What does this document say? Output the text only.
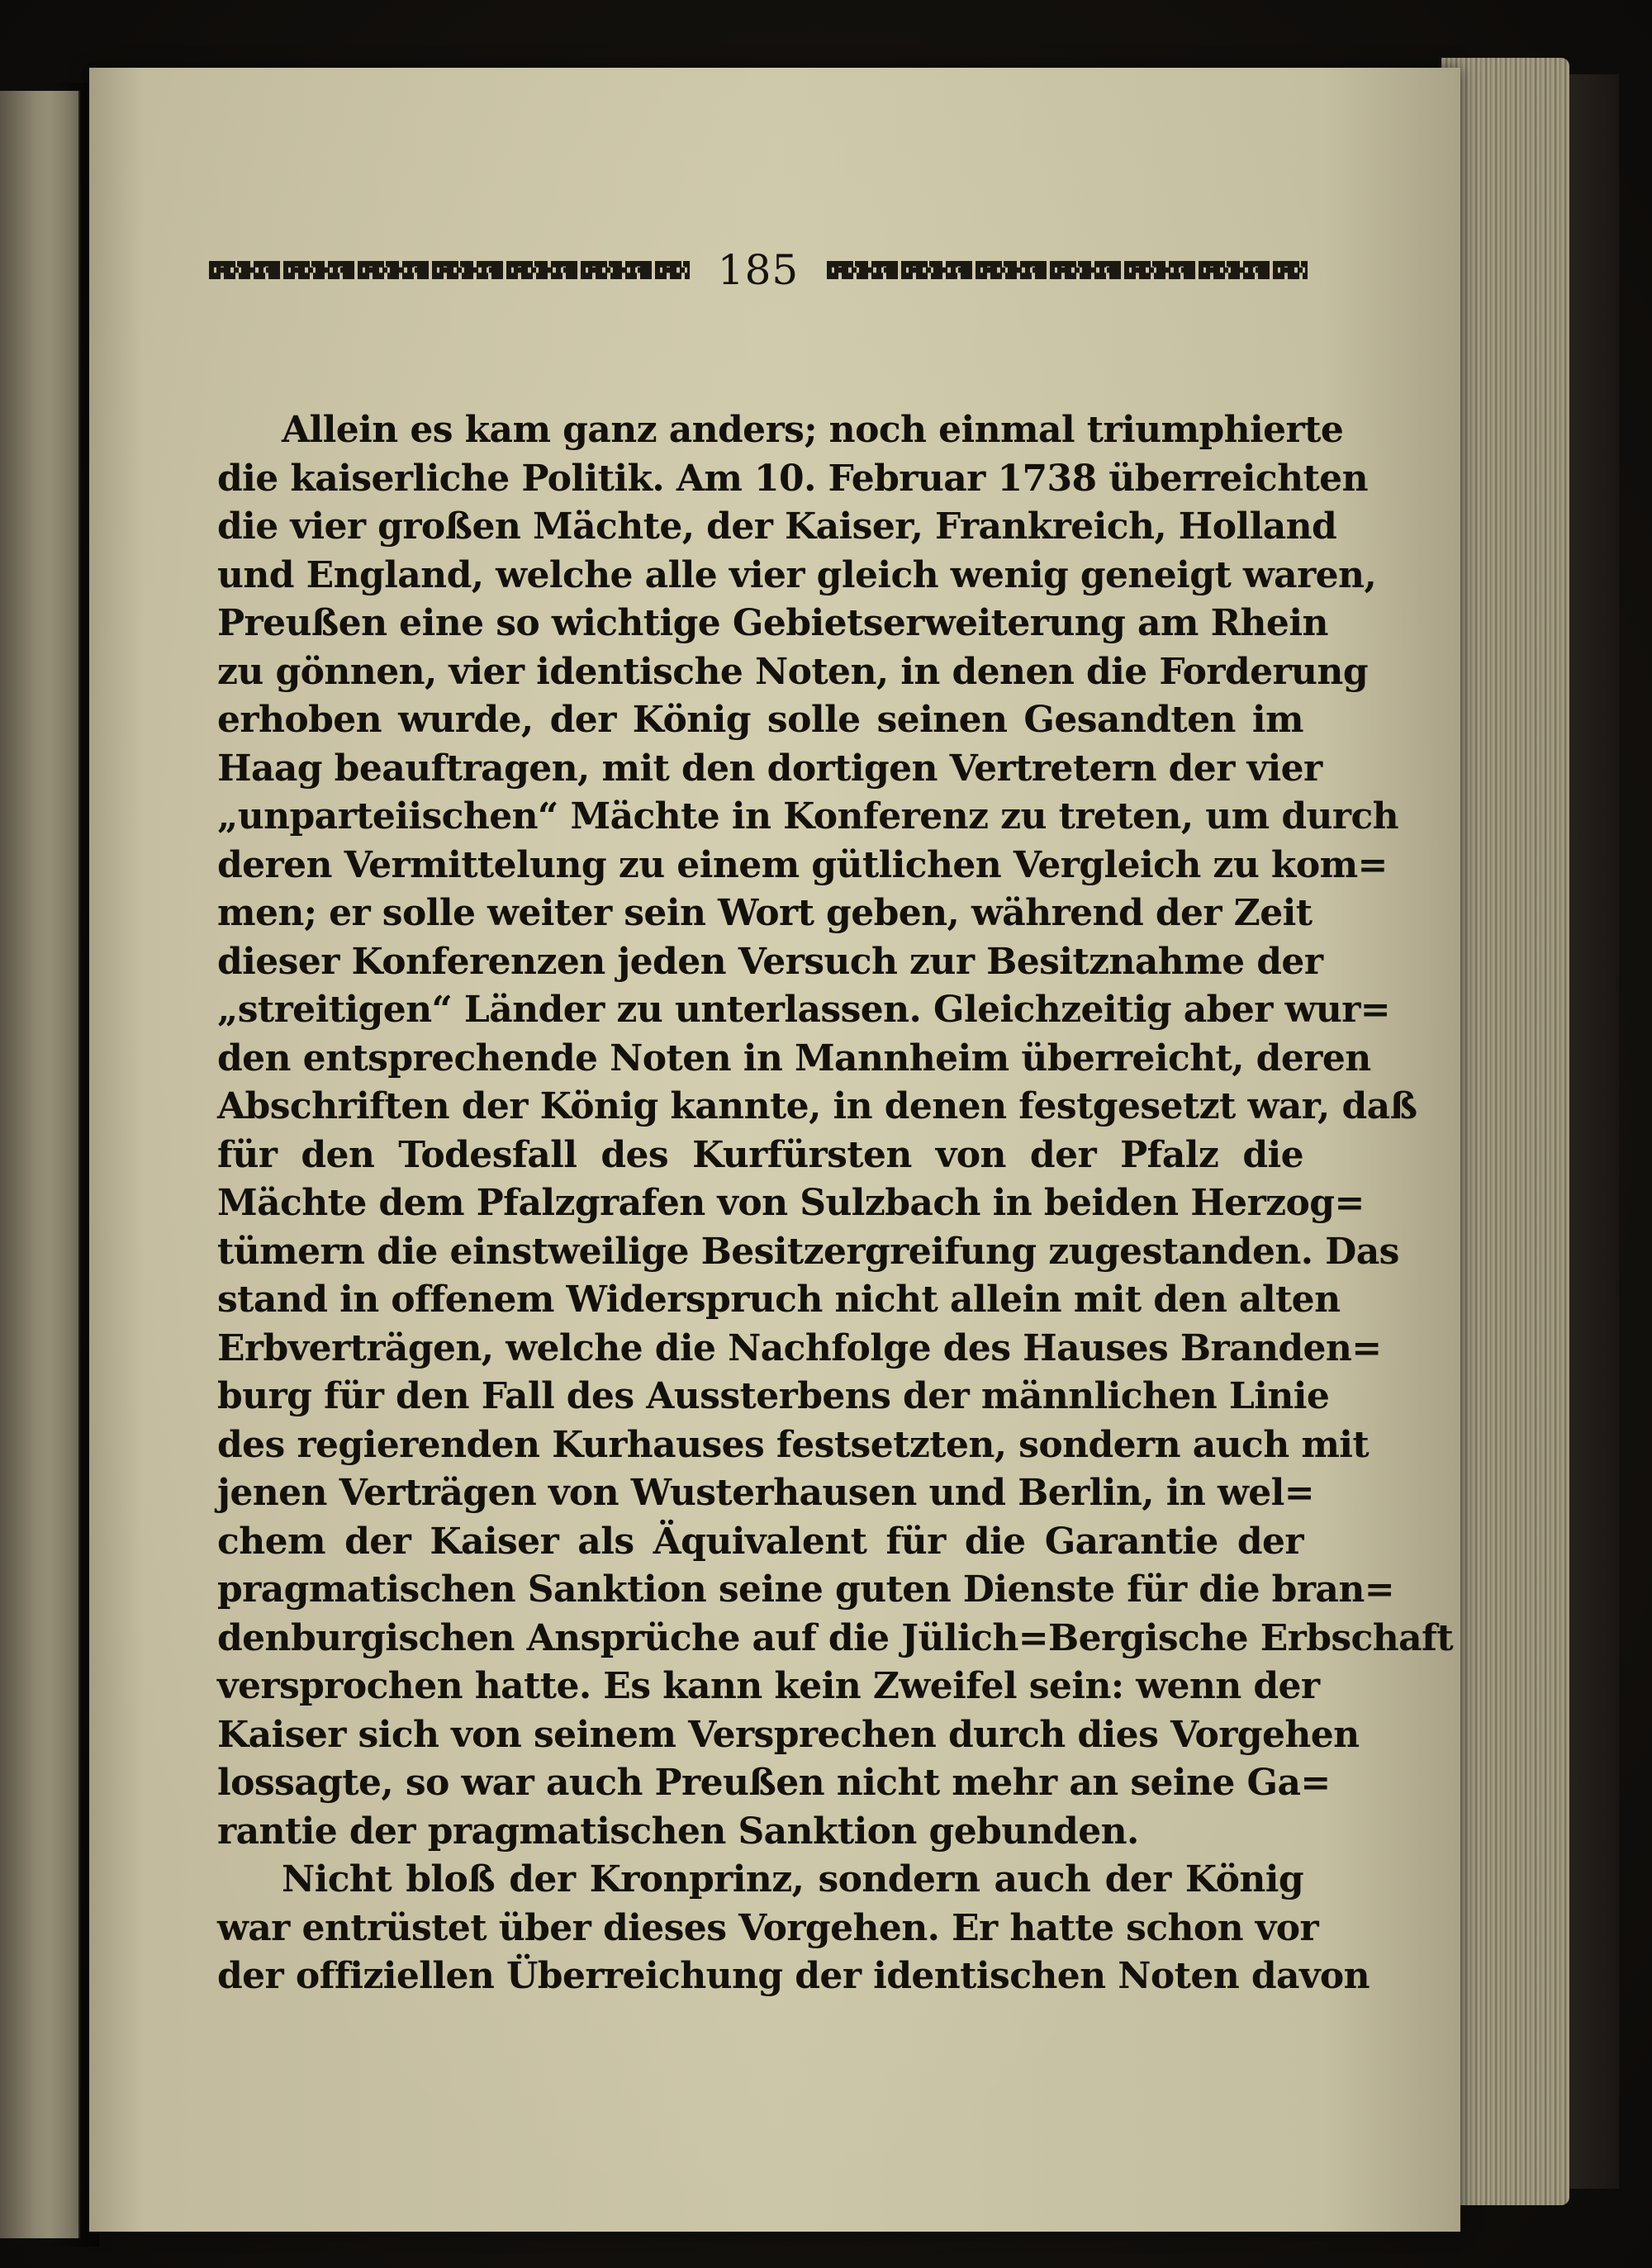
185
Allein es kam ganz anders; noch einmal triumphierte
die kaiserliche Politik. Am 10. Februar 1738 überreichten
die vier großen Mächte, der Kaiser, Frankreich, Holland
und England, welche alle vier gleich wenig geneigt waren,
Preußen eine so wichtige Gebietserweiterung am Rhein
zu gönnen, vier identische Noten, in denen die Forderung
erhoben wurde, der König solle seinen Gesandten im
Haag beauftragen, mit den dortigen Vertretern der vier
„unparteiischen“ Mächte in Konferenz zu treten, um durch
deren Vermittelung zu einem gütlichen Vergleich zu kom=
men; er solle weiter sein Wort geben, während der Zeit
dieser Konferenzen jeden Versuch zur Besitznahme der
„streitigen“ Länder zu unterlassen. Gleichzeitig aber wur=
den entsprechende Noten in Mannheim überreicht, deren
Abschriften der König kannte, in denen festgesetzt war, daß
für den Todesfall des Kurfürsten von der Pfalz die
Mächte dem Pfalzgrafen von Sulzbach in beiden Herzog=
tümern die einstweilige Besitzergreifung zugestanden. Das
stand in offenem Widerspruch nicht allein mit den alten
Erbverträgen, welche die Nachfolge des Hauses Branden=
burg für den Fall des Aussterbens der männlichen Linie
des regierenden Kurhauses festsetzten, sondern auch mit
jenen Verträgen von Wusterhausen und Berlin, in wel=
chem der Kaiser als Äquivalent für die Garantie der
pragmatischen Sanktion seine guten Dienste für die bran=
denburgischen Ansprüche auf die Jülich=Bergische Erbschaft
versprochen hatte. Es kann kein Zweifel sein: wenn der
Kaiser sich von seinem Versprechen durch dies Vorgehen
lossagte, so war auch Preußen nicht mehr an seine Ga=
rantie der pragmatischen Sanktion gebunden.
Nicht bloß der Kronprinz, sondern auch der König
war entrüstet über dieses Vorgehen. Er hatte schon vor
der offiziellen Überreichung der identischen Noten davon
